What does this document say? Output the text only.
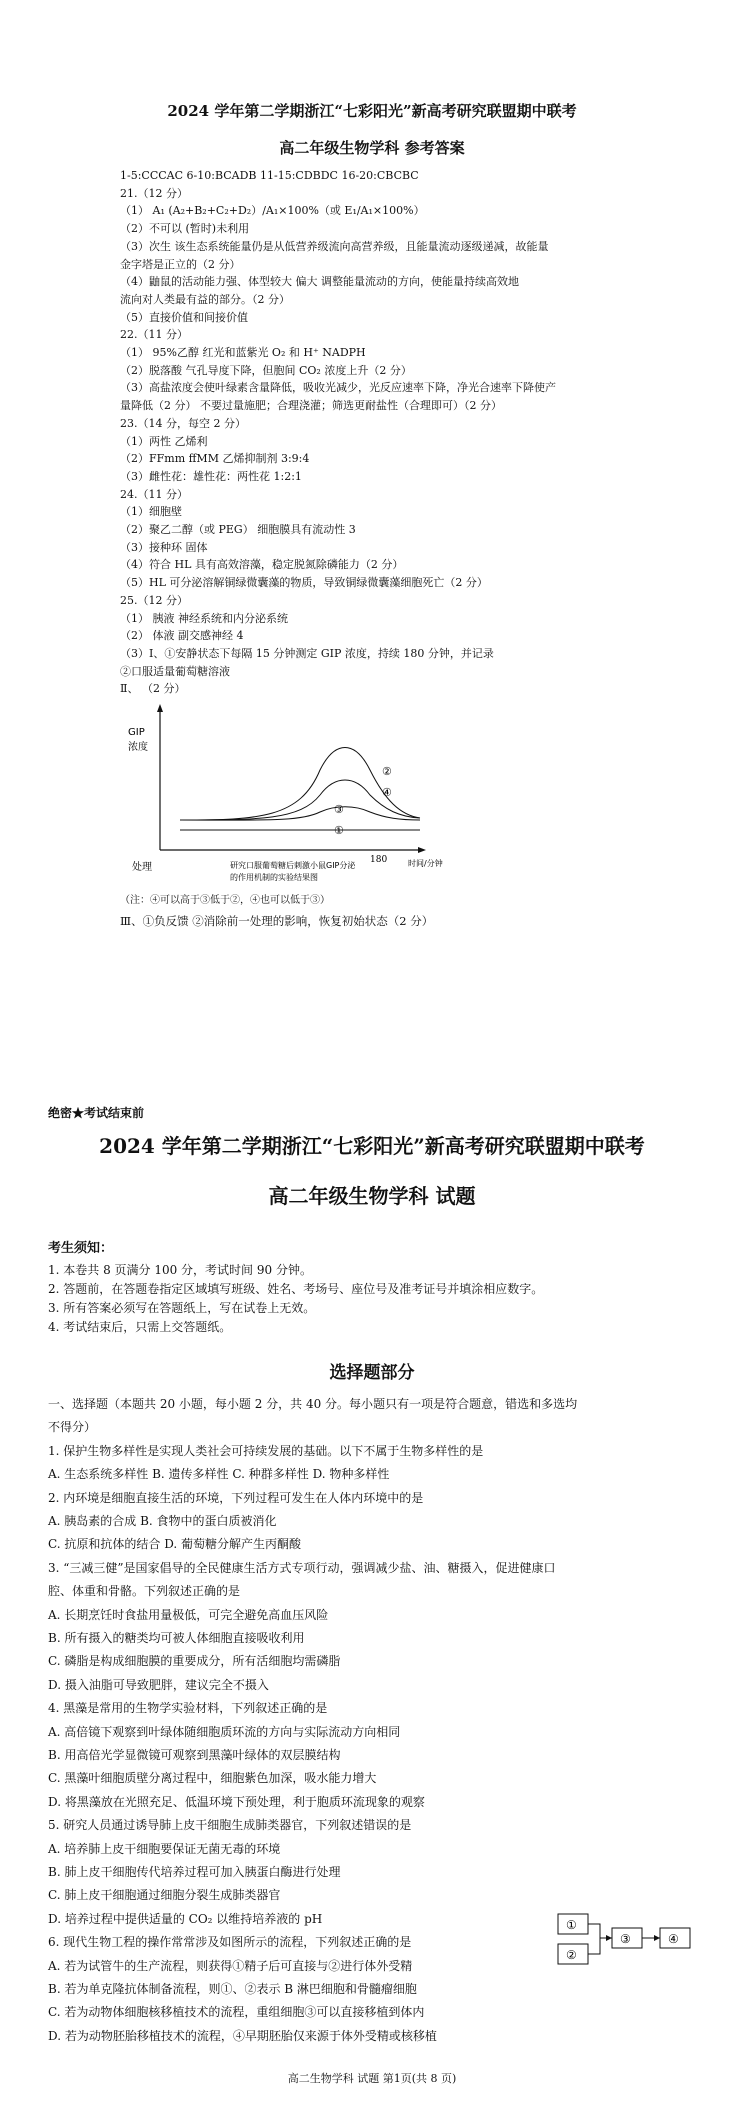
2024 学年第二学期浙江“七彩阳光”新高考研究联盟期中联考
高二年级生物学科 参考答案
1-5:CCCAC 6-10:BCADB 11-15:CDBDC 16-20:CBCBC
21.（12 分）
（1） A₁ (A₂+B₂+C₂+D₂）/A₁×100%（或 E₁/A₁×100%）
（2）不可以 (暂时)未利用
（3）次生 该生态系统能量仍是从低营养级流向高营养级，且能量流动逐级递减，故能量
金字塔是正立的（2 分）
（4）鼬鼠的活动能力强、体型较大 偏大 调整能量流动的方向，使能量持续高效地
流向对人类最有益的部分。（2 分）
（5）直接价值和间接价值
22.（11 分）
（1） 95%乙醇 红光和蓝紫光 O₂ 和 H⁺ NADPH
（2）脱落酸 气孔导度下降，但胞间 CO₂ 浓度上升（2 分）
（3）高盐浓度会使叶绿素含量降低，吸收光减少，光反应速率下降，净光合速率下降使产
量降低（2 分） 不要过量施肥；合理浇灌；筛选更耐盐性（合理即可）（2 分）
23.（14 分，每空 2 分）
（1）两性 乙烯利
（2）FFmm ffMM 乙烯抑制剂 3:9:4
（3）雌性花：雄性花：两性花 1:2:1
24.（11 分）
（1）细胞壁
（2）聚乙二醇（或 PEG） 细胞膜具有流动性 3
（3）接种环 固体
（4）符合 HL 具有高效溶藻，稳定脱氮除磷能力（2 分）
（5）HL 可分泌溶解铜绿微囊藻的物质，导致铜绿微囊藻细胞死亡（2 分）
25.（12 分）
（1） 胰液 神经系统和内分泌系统
（2） 体液 副交感神经 4
（3）Ⅰ、①安静状态下每隔 15 分钟测定 GIP 浓度，持续 180 分钟，并记录
②口服适量葡萄糖溶液
Ⅱ、 （2 分）
GIP
浓度
②
④
③
①
处理
180	时间/分钟
研究口服葡萄糖后刺激小鼠GIP分泌
的作用机制的实验结果图
（注：④可以高于③低于②，④也可以低于③）
Ⅲ、①负反馈 ②消除前一处理的影响，恢复初始状态（2 分）
绝密★考试结束前
2024 学年第二学期浙江“七彩阳光”新高考研究联盟期中联考
高二年级生物学科 试题
考生须知：
1. 本卷共 8 页满分 100 分，考试时间 90 分钟。
2. 答题前，在答题卷指定区域填写班级、姓名、考场号、座位号及准考证号并填涂相应数字。
3. 所有答案必须写在答题纸上，写在试卷上无效。
4. 考试结束后，只需上交答题纸。
选择题部分
一、选择题（本题共 20 小题，每小题 2 分，共 40 分。每小题只有一项是符合题意，错选和多选均
不得分）
1. 保护生物多样性是实现人类社会可持续发展的基础。以下不属于生物多样性的是
A. 生态系统多样性 B. 遗传多样性 C. 种群多样性 D. 物种多样性
2. 内环境是细胞直接生活的环境，下列过程可发生在人体内环境中的是
A. 胰岛素的合成 B. 食物中的蛋白质被消化
C. 抗原和抗体的结合 D. 葡萄糖分解产生丙酮酸
3. “三减三健”是国家倡导的全民健康生活方式专项行动，强调减少盐、油、糖摄入，促进健康口
腔、体重和骨骼。下列叙述正确的是
A. 长期烹饪时食盐用量极低，可完全避免高血压风险
B. 所有摄入的糖类均可被人体细胞直接吸收利用
C. 磷脂是构成细胞膜的重要成分，所有活细胞均需磷脂
D. 摄入油脂可导致肥胖，建议完全不摄入
4. 黑藻是常用的生物学实验材料，下列叙述正确的是
A. 高倍镜下观察到叶绿体随细胞质环流的方向与实际流动方向相同
B. 用高倍光学显微镜可观察到黑藻叶绿体的双层膜结构
C. 黑藻叶细胞质壁分离过程中，细胞紫色加深，吸水能力增大
D. 将黑藻放在光照充足、低温环境下预处理，利于胞质环流现象的观察
5. 研究人员通过诱导肺上皮干细胞生成肺类器官，下列叙述错误的是
A. 培养肺上皮干细胞要保证无菌无毒的环境
B. 肺上皮干细胞传代培养过程可加入胰蛋白酶进行处理
C. 肺上皮干细胞通过细胞分裂生成肺类器官
D. 培养过程中提供适量的 CO₂ 以维持培养液的 pH
6. 现代生物工程的操作常常涉及如图所示的流程，下列叙述正确的是
A. 若为试管牛的生产流程，则获得①精子后可直接与②进行体外受精
B. 若为单克隆抗体制备流程，则①、②表示 B 淋巴细胞和骨髓瘤细胞
C. 若为动物体细胞核移植技术的流程，重组细胞③可以直接移植到体内
D. 若为动物胚胎移植技术的流程，④早期胚胎仅来源于体外受精或核移植
①
②
③	④
高二生物学科 试题 第1页(共 8 页)
